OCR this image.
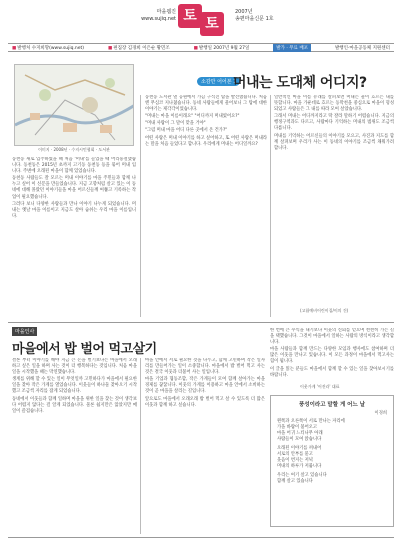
마을웹진
www.sujiq.net 토 토
2007년
송편마을신문 1호
■발행처 수지희망(www.sujiq.net)	■편집장 김경희 이은순 황민조	■발행일 2007년 9월 27일	발가 · 무료 배포	발행인·마을공동체 지원센터
이미지 · 2008년 · 수지시민협회 · 도서관
소감만 어어본 1
머내는 도대체 어디지?

동천동 새로 입주하였을 때 처음 '머내'를 들었을 때 어리둥절했습니다. 동천동은 2015년 초까지 고기동 동천동 등을 묶어 머내 입니다. 주변에 오래된 마을이 함께 있었습니다.

동천동 사람들도 잘 모르는 머내 이야기를 마을 주민들과 함께 나누고 싶어 이 신문을 만들었습니다. 지금 고향처럼 살고 있는 이 동네에 대해 몰랐던 이야기들을 마을 어르신들께 여쭙고 기록하는 작업이 필요했습니다.

그러다 보니 다양한 사람들과 만나 이야기 나누게 되었습니다. 머내는 옛날 마을 이름이고 지금도 살아 숨쉬는 우리 마을 이름입니다.

동천동 도서관 옆 공원에서 가끔 구석진 탑을 발견했습니다. 처음엔 무심코 지나쳤습니다. 동네 사람들에게 물어보니 그 탑에 대한 이야기는 제각각이었습니다.

"머내는 마을 이름이래요" "어디까지 머내였어요?"

"머내 사람이 그 말이 맞을 거야"

"그럼 머내 마을 어디 다른 곳에서 온 건가?"

어떤 사람은 머내 이야기를 하고 싶어하고, 또 어떤 사람은 머내라는 말을 처음 들었다고 합니다. 우리에게 머내는 어디일까요?

일반적인 마을 이름 유래를 살펴보면 머내는 물이 흐르는 내를 뜻합니다. 마을 가운데로 흐르는 동막천을 중심으로 마을이 형성되었고 사람들은 그 내를 따라 모여 살았습니다.

그래서 머내는 어디까지라고 딱 잘라 말하기 어렵습니다. 지금의 행정구역과도 다르고, 사람마다 기억하는 머내의 범위도 조금씩 다릅니다.

머내를 기억하는 어르신들의 이야기를 모으고, 사진과 지도를 함께 살펴보며 우리가 사는 이 동네의 이야기를 조금씩 채워가려 합니다.

(고립예비어린이집/이의 건)
마을인사
마을에서 밥 벌어 먹고살기

결론 부터 이야기를 해야 지금 큰 돈을 벌기보다는 마을에서 오래 하고 싶은 일을 하며 사는 것이 더 행복하다는 것입니다. 처음 마을 일을 시작했을 때는 막연했습니다.

생계를 위해 할 수 있는 일이 무엇일까 고민하다가 마을에서 필요한 일을 찾아 작은 가게를 열었습니다. 이웃들이 하나둘 찾아오기 시작했고 조금씩 자리를 잡게 되었습니다.

동네에서 이웃들과 함께 일하며 마을을 위한 일을 찾는 것이 생각보다 어렵지 않다는 걸 알게 되었습니다. 물론 쉽지만은 않았지만 매일이 즐겁습니다.

마을 안에서 서로 필요한 것을 나누고, 함께 고민하며 작은 일자리를 만들어가는 일이 소중합니다. 마을에서 밥 벌어 먹고 사는 것은 결국 이웃과 더불어 사는 일입니다.

마을 기업과 협동조합, 작은 가게들이 모여 함께 살아가는 마을 경제를 꿈꿉니다. 이웃의 가게를 이용하고 마을 안에서 소비하는 것이 곧 마을을 살리는 길입니다.

앞으로도 마을에서 오래오래 밥 벌어 먹고 살 수 있도록 더 많은 이웃과 함께 하고 싶습니다.

한 번에 큰 수익을 내기보다 이웃의 신뢰를 얻으며 천천히 가는 길을 택했습니다. 그것이 마을에서 일하는 사람의 방식이라고 생각합니다.

마을 사람들과 함께 만드는 다양한 모임과 행사에도 참여하며 더 많은 이웃을 만나고 있습니다. 이 모든 과정이 마을에서 먹고사는 힘이 됩니다.

이 글을 읽는 분들도 마을에서 함께 할 수 있는 일을 찾아보시기를 바랍니다.

이웃가게 '어진라' 대표
풍성이라고 말할 게 어느 날
이경희
왼쪽과 오른쪽이 서로 만나는 자리에
가을 바람이 불어오고
마을 어귀 느티나무 아래
사람들이 모여 앉습니다
오래된 이야기를 꺼내어
서로의 안부를 묻고
웃음이 번지는 저녁
머내의 하루가 저뭅니다
우리는 여기 살고 있습니다
함께 살고 있습니다
